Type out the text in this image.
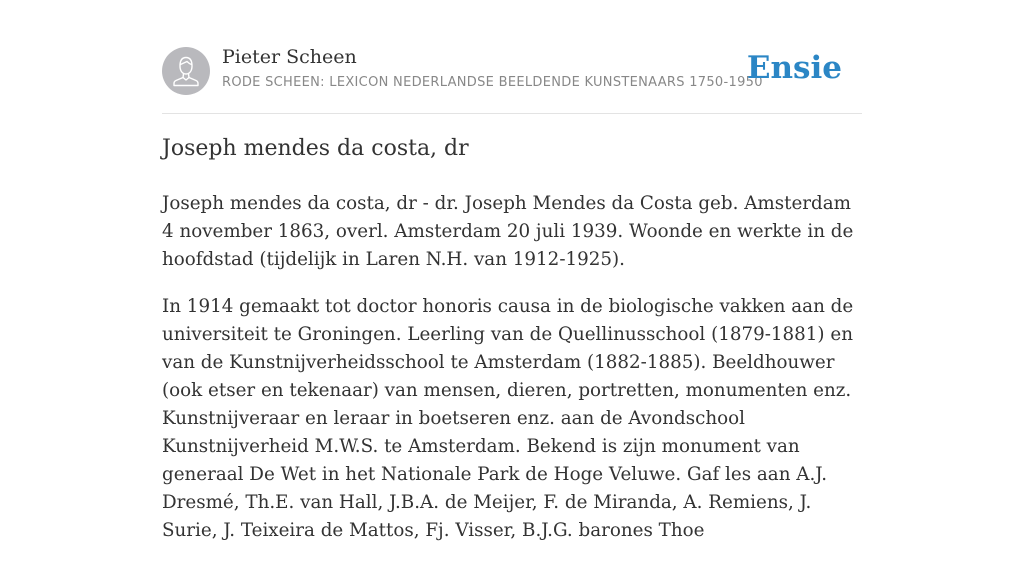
Pieter Scheen
RODE SCHEEN: LEXICON NEDERLANDSE BEELDENDE KUNSTENAARS 1750-1950
Ensie
Joseph mendes da costa, dr

Joseph mendes da costa, dr - dr. Joseph Mendes da Costa geb. Amsterdam 4 november 1863, overl. Amsterdam 20 juli 1939. Woonde en werkte in de hoofdstad (tijdelijk in Laren N.H. van 1912-1925).

In 1914 gemaakt tot doctor honoris causa in de biologische vakken aan de universiteit te Groningen. Leerling van de Quellinusschool (1879-1881) en van de Kunstnijverheidsschool te Amsterdam (1882-1885). Beeldhouwer (ook etser en tekenaar) van mensen, dieren, portretten, monumenten enz. Kunstnijveraar en leraar in boetseren enz. aan de Avondschool Kunstnijverheid M.W.S. te Amsterdam. Bekend is zijn monument van generaal De Wet in het Nationale Park de Hoge Veluwe. Gaf les aan A.J. Dresmé, Th.E. van Hall, J.B.A. de Meijer, F. de Miranda, A. Remiens, J. Surie, J. Teixeira de Mattos, Fj. Visser, B.J.G. barones Thoe
